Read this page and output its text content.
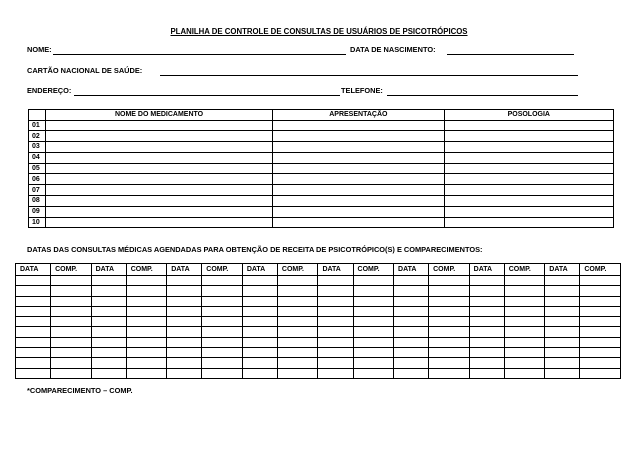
PLANILHA DE CONTROLE DE CONSULTAS DE USUÁRIOS DE PSICOTRÓPICOS
NOME:	DATA DE NASCIMENTO:
CARTÃO NACIONAL DE SAÚDE:
ENDEREÇO:	TELEFONE:
	NOME DO MEDICAMENTO	APRESENTAÇÃO	POSOLOGIA
01			
02			
03			
04			
05			
06			
07			
08			
09			
10			
DATAS DAS CONSULTAS MÉDICAS AGENDADAS PARA OBTENÇÃO DE RECEITA DE PSICOTRÓPICO(S) E COMPARECIMENTOS:
DATA	COMP.	DATA	COMP.	DATA	COMP.	DATA	COMP.	DATA	COMP.	DATA	COMP.	DATA	COMP.	DATA	COMP.

*COMPARECIMENTO – COMP.
